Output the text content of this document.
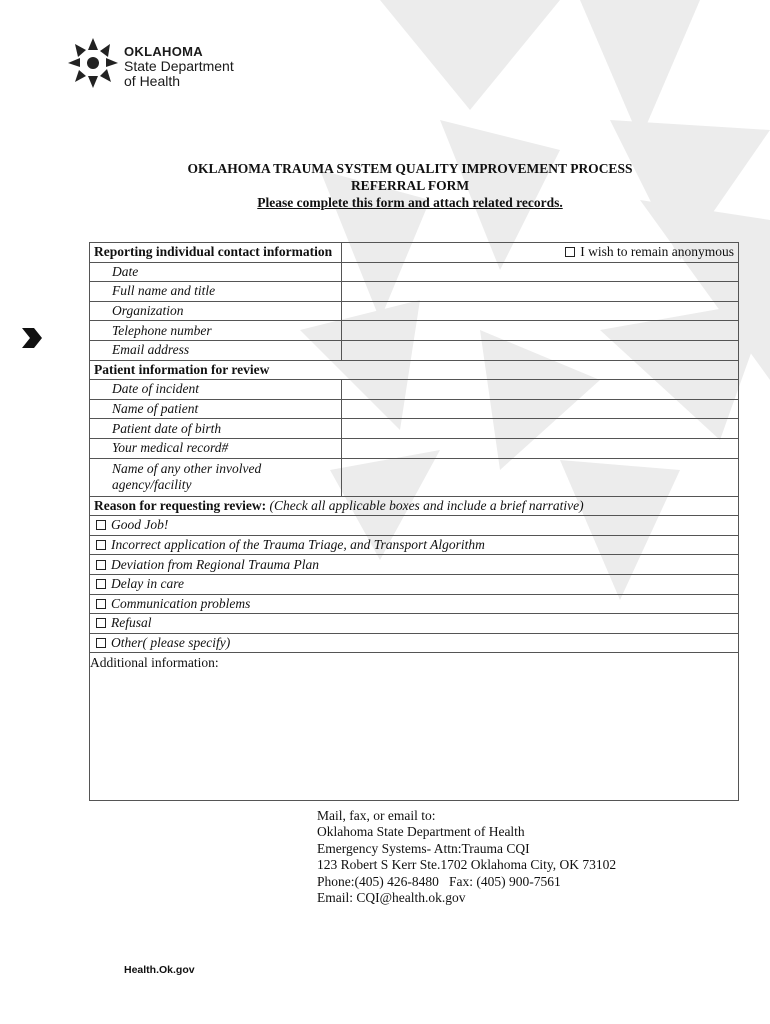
OKLAHOMA
State Department
of Health
OKLAHOMA TRAUMA SYSTEM QUALITY IMPROVEMENT PROCESS
REFERRAL FORM
Please complete this form and attach related records.
Reporting individual contact information	I wish to remain anonymous
Date	
Full name and title	
Organization	
Telephone number	
Email address	
Patient information for review	
Date of incident	
Name of patient	
Patient date of birth	
Your medical record#	
Name of any other involved agency/facility	
Reason for requesting review: (Check all applicable boxes and include a brief narrative)	
Good Job!	
Incorrect application of the Trauma Triage, and Transport Algorithm	
Deviation from Regional Trauma Plan	
Delay in care	
Communication problems	
Refusal	
Other( please specify)	
Additional information:	
Mail, fax, or email to:
Oklahoma State Department of Health
Emergency Systems- Attn:Trauma CQI
123 Robert S Kerr Ste.1702 Oklahoma City, OK 73102
Phone:(405) 426-8480   Fax: (405) 900-7561
Email: CQI@health.ok.gov
Health.Ok.gov
